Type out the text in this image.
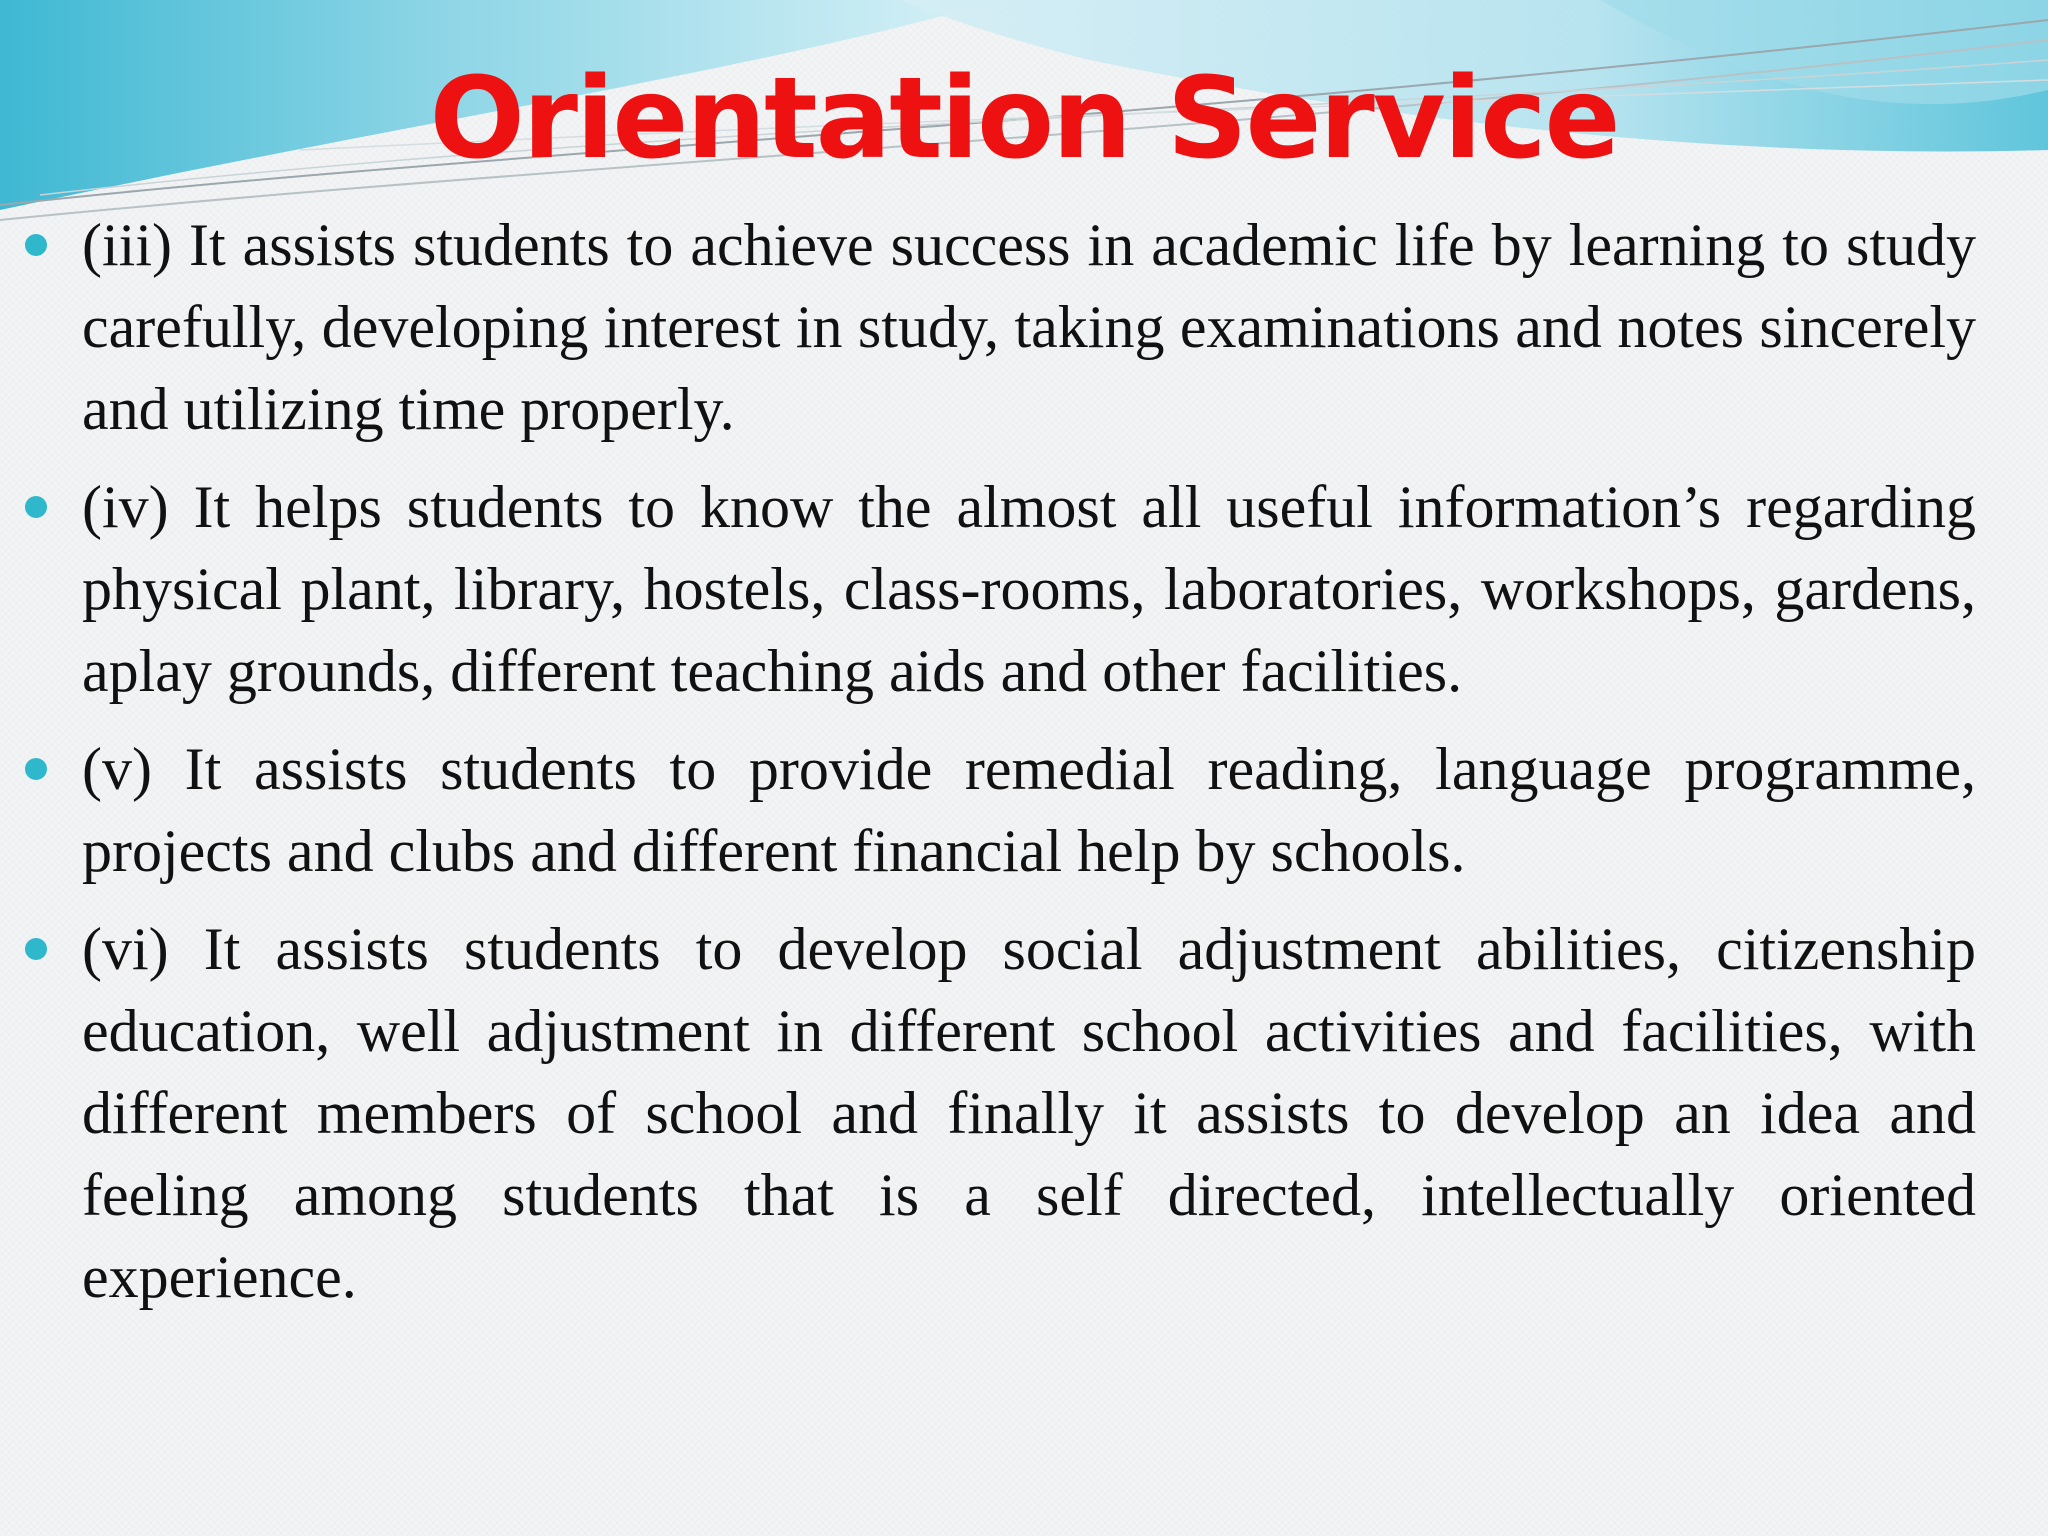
Orientation Service
(iii) It assists students to achieve success in academic life by learning to study carefully, developing interest in study, taking examinations and notes sincerely and utilizing time properly.
(iv) It helps students to know the almost all useful information’s regarding physical plant, library, hostels, class-rooms, laboratories, workshops, gardens, aplay grounds, different teaching aids and other facilities.
(v) It assists students to provide remedial reading, language programme, projects and clubs and different financial help by schools.
(vi) It assists students to develop social adjustment abilities, citizenship education, well adjustment in different school activities and facilities, with different members of school and finally it assists to develop an idea and feeling among students that is a self directed, intellectually oriented experience.
